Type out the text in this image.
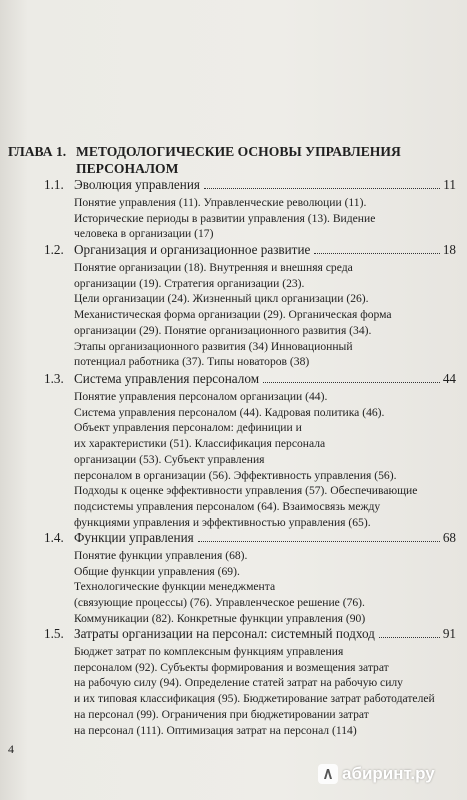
ГЛАВА 1. МЕТОДОЛОГИЧЕСКИЕ ОСНОВЫ УПРАВЛЕНИЯ ПЕРСОНАЛОМ
1.1. Эволюция управления	11
Понятие управления (11). Управленческие революции (11).
Исторические периоды в развитии управления (13). Видение
человека в организации (17)
1.2. Организация и организационное развитие	18
Понятие организации (18). Внутренняя и внешняя среда
организации (19). Стратегия организации (23).
Цели организации (24). Жизненный цикл организации (26).
Механистическая форма организации (29). Органическая форма
организации (29). Понятие организационного развития (34).
Этапы организационного развития (34) Инновационный
потенциал работника (37). Типы новаторов (38)
1.3. Система управления персоналом	44
Понятие управления персоналом организации (44).
Система управления персоналом (44). Кадровая политика (46).
Объект управления персоналом: дефиниции и
их характеристики (51). Классификация персонала
организации (53). Субъект управления
персоналом в организации (56). Эффективность управления (56).
Подходы к оценке эффективности управления (57). Обеспечивающие
подсистемы управления персоналом (64). Взаимосвязь между
функциями управления и эффективностью управления (65).
1.4. Функции управления	68
Понятие функции управления (68).
Общие функции управления (69).
Технологические функции менеджмента
(связующие процессы) (76). Управленческое решение (76).
Коммуникации (82). Конкретные функции управления (90)
1.5. Затраты организации на персонал: системный подход	91
Бюджет затрат по комплексным функциям управления
персоналом (92). Субъекты формирования и возмещения затрат
на рабочую силу (94). Определение статей затрат на рабочую силу
и их типовая классификация (95). Бюджетирование затрат работодателей
на персонал (99). Ограничения при бюджетировании затрат
на персонал (111). Оптимизация затрат на персонал (114)
4
абиринт.ру
